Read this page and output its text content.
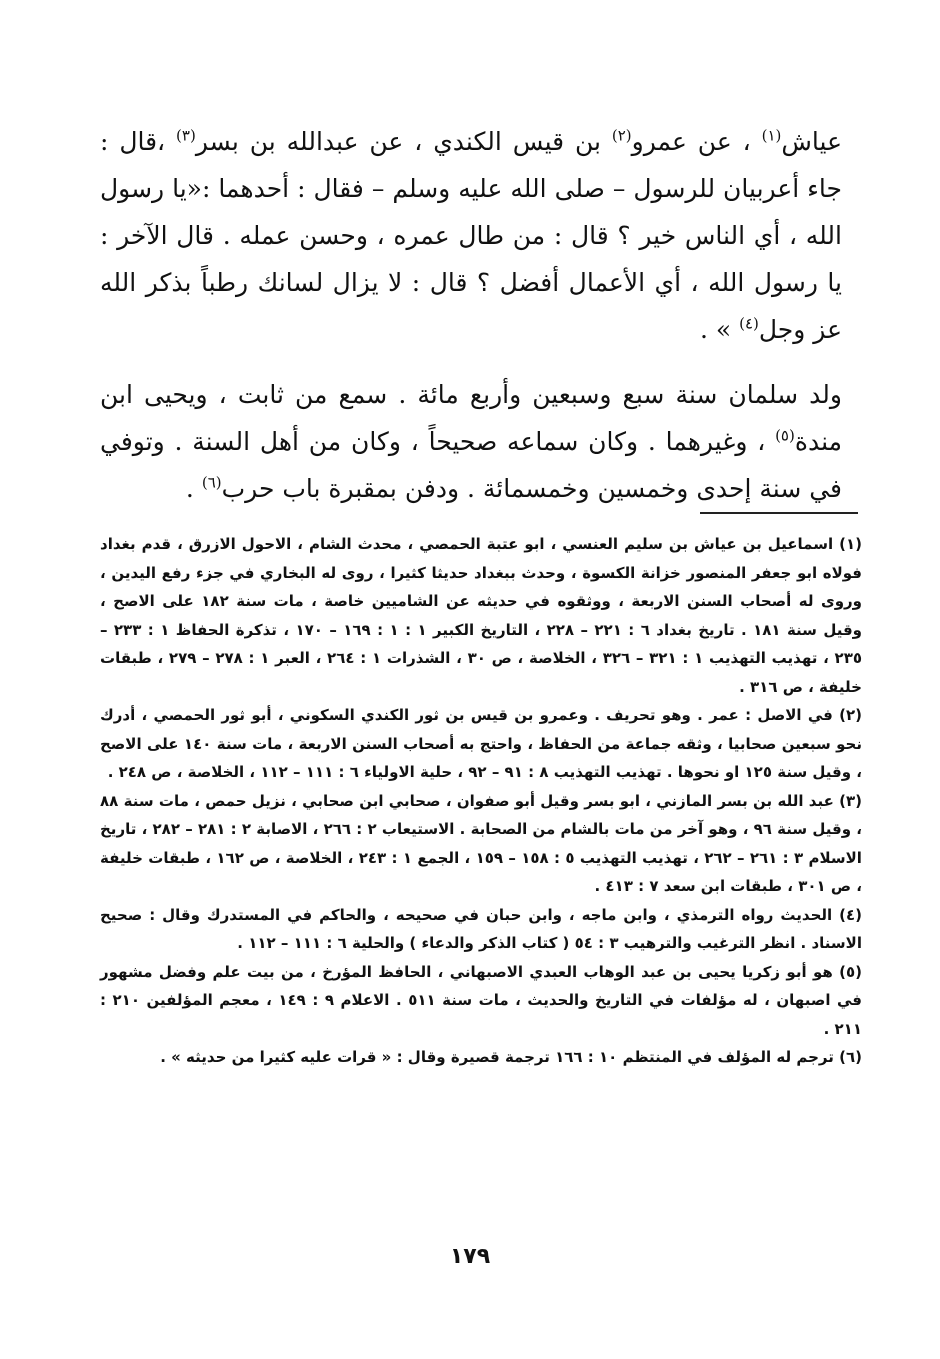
عياش$^{(١)}$ ، عن عمرو$^{(٢)}$ بن قيس الكندي ، عن عبدالله بن بسر$^{(٣)}$ ،قال : جاء أعربيان للرسول – صلى الله عليه وسلم – فقال : أحدهما :«يا رسول الله ، أي الناس خير ؟ قال : من طال عمره ، وحسن عمله . قال الآخر : يا رسول الله ، أي الأعمال أفضل ؟ قال : لا يزال لسانك رطباً بذكر الله عز وجل$^{(٤)}$ » .

ولد سلمان سنة سبع وسبعين وأربع مائة . سمع من ثابت ، ويحيى ابن مندة$^{(٥)}$ ، وغيرهما . وكان سماعه صحيحاً ، وكان من أهل السنة . وتوفي في سنة إحدى وخمسين وخمسمائة . ودفن بمقبرة باب حرب$^{(٦)}$ .

(١) اسماعيل بن عياش بن سليم العنسي ، ابو عتبة الحمصي ، محدث الشام ، الاحول الازرق ، قدم بغداد فولاه ابو جعفر المنصور خزانة الكسوة ، وحدث ببغداد حديثا كثيرا ، روى له البخاري في جزء رفع اليدين ، وروى له أصحاب السنن الاربعة ، ووثقوه في حديثه عن الشاميين خاصة ، مات سنة ١٨٢ على الاصح ، وقيل سنة ١٨١ . تاريخ بغداد ٦ : ٢٢١ – ٢٢٨ ، التاريخ الكبير ١ : ١ : ١٦٩ – ١٧٠ ، تذكرة الحفاظ ١ : ٢٣٣ – ٢٣٥ ، تهذيب التهذيب ١ : ٣٢١ – ٣٢٦ ، الخلاصة ، ص ٣٠ ، الشذرات ١ : ٢٦٤ ، العبر ١ : ٢٧٨ – ٢٧٩ ، طبقات خليفة ، ص ٣١٦ .

(٢) في الاصل : عمر . وهو تحريف . وعمرو بن قيس بن ثور الكندي السكوني ، أبو ثور الحمصي ، أدرك نحو سبعين صحابيا ، وثقه جماعة من الحفاظ ، واحتج به أصحاب السنن الاربعة ، مات سنة ١٤٠ على الاصح ، وقيل سنة ١٢٥ او نحوها . تهذيب التهذيب ٨ : ٩١ – ٩٢ ، حلية الاولياء ٦ : ١١١ – ١١٢ ، الخلاصة ، ص ٢٤٨ .

(٣) عبد الله بن بسر المازني ، ابو بسر وقيل أبو صفوان ، صحابي ابن صحابي ، نزيل حمص ، مات سنة ٨٨ ، وقيل سنة ٩٦ ، وهو آخر من مات بالشام من الصحابة . الاستيعاب ٢ : ٢٦٦ ، الاصابة ٢ : ٢٨١ – ٢٨٢ ، تاريخ الاسلام ٣ : ٢٦١ – ٢٦٢ ، تهذيب التهذيب ٥ : ١٥٨ – ١٥٩ ، الجمع ١ : ٢٤٣ ، الخلاصة ، ص ١٦٢ ، طبقات خليفة ، ص ٣٠١ ، طبقات ابن سعد ٧ : ٤١٣ .

(٤) الحديث رواه الترمذي ، وابن ماجه ، وابن حبان في صحيحه ، والحاكم في المستدرك وقال : صحيح الاسناد . انظر الترغيب والترهيب ٣ : ٥٤ ( كتاب الذكر والدعاء ) والحلية ٦ : ١١١ – ١١٢ .

(٥) هو أبو زكريا يحيى بن عبد الوهاب العبدي الاصبهاني ، الحافظ المؤرخ ، من بيت علم وفضل مشهور في اصبهان ، له مؤلفات في التاريخ والحديث ، مات سنة ٥١١ . الاعلام ٩ : ١٤٩ ، معجم المؤلفين ٢١٠ : ٢١١ .

(٦) ترجم له المؤلف في المنتظم ١٠ : ١٦٦ ترجمة قصيرة وقال : « قرات عليه كثيرا من حديثه » .

١٧٩
